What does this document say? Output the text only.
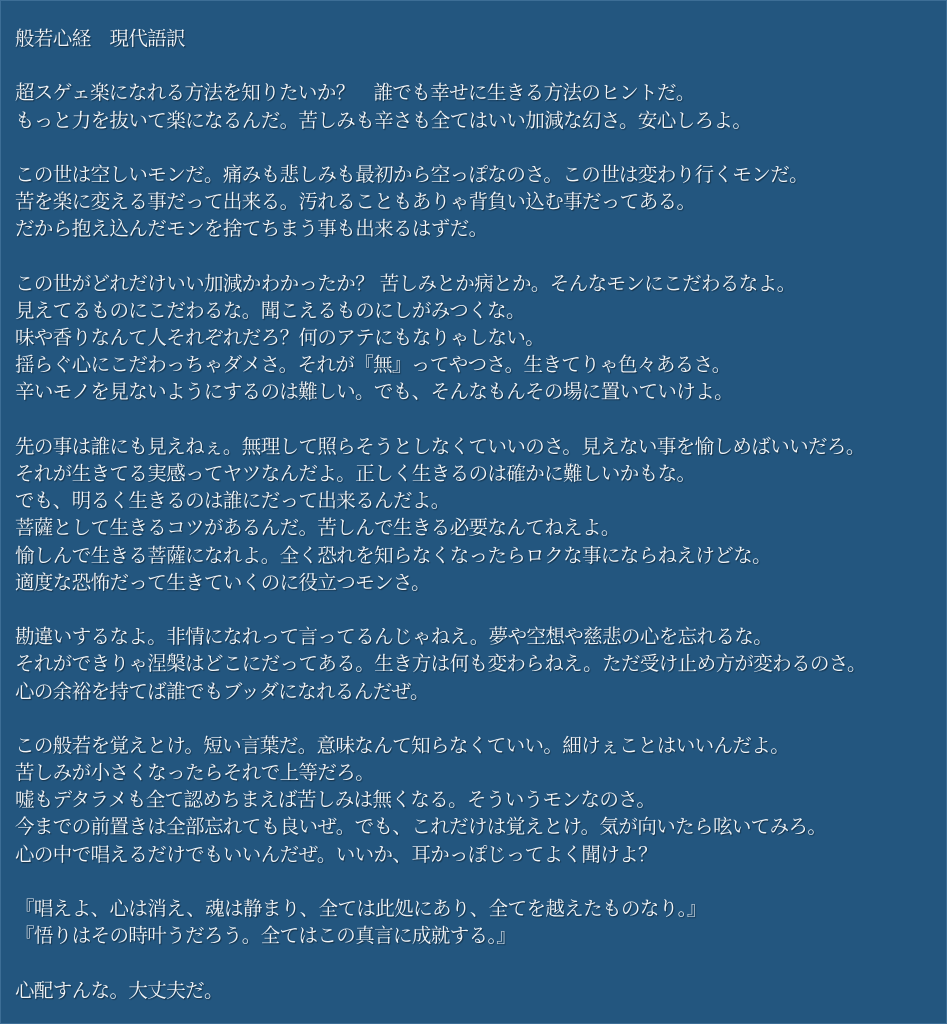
般若心経　現代語訳
超スゲェ楽になれる方法を知りたいか？　誰でも幸せに生きる方法のヒントだ。
もっと力を抜いて楽になるんだ。苦しみも辛さも全てはいい加減な幻さ。安心しろよ。
この世は空しいモンだ。痛みも悲しみも最初から空っぽなのさ。この世は変わり行くモンだ。
苦を楽に変える事だって出来る。汚れることもありゃ背負い込む事だってある。
だから抱え込んだモンを捨てちまう事も出来るはずだ。
この世がどれだけいい加減かわかったか？ 苦しみとか病とか。そんなモンにこだわるなよ。
見えてるものにこだわるな。聞こえるものにしがみつくな。
味や香りなんて人それぞれだろ？何のアテにもなりゃしない。
揺らぐ心にこだわっちゃダメさ。それが『無』ってやつさ。生きてりゃ色々あるさ。
辛いモノを見ないようにするのは難しい。でも、そんなもんその場に置いていけよ。
先の事は誰にも見えねぇ。無理して照らそうとしなくていいのさ。見えない事を愉しめばいいだろ。
それが生きてる実感ってヤツなんだよ。正しく生きるのは確かに難しいかもな。
でも、明るく生きるのは誰にだって出来るんだよ。
菩薩として生きるコツがあるんだ。苦しんで生きる必要なんてねえよ。
愉しんで生きる菩薩になれよ。全く恐れを知らなくなったらロクな事にならねえけどな。
適度な恐怖だって生きていくのに役立つモンさ。
勘違いするなよ。非情になれって言ってるんじゃねえ。夢や空想や慈悲の心を忘れるな。
それができりゃ涅槃はどこにだってある。生き方は何も変わらねえ。ただ受け止め方が変わるのさ。
心の余裕を持てば誰でもブッダになれるんだぜ。
この般若を覚えとけ。短い言葉だ。意味なんて知らなくていい。細けぇことはいいんだよ。
苦しみが小さくなったらそれで上等だろ。
嘘もデタラメも全て認めちまえば苦しみは無くなる。そういうモンなのさ。
今までの前置きは全部忘れても良いぜ。でも、これだけは覚えとけ。気が向いたら呟いてみろ。
心の中で唱えるだけでもいいんだぜ。いいか、耳かっぽじってよく聞けよ？
『唱えよ、心は消え、魂は静まり、全ては此処にあり、全てを越えたものなり。』
『悟りはその時叶うだろう。全てはこの真言に成就する。』
心配すんな。大丈夫だ。
